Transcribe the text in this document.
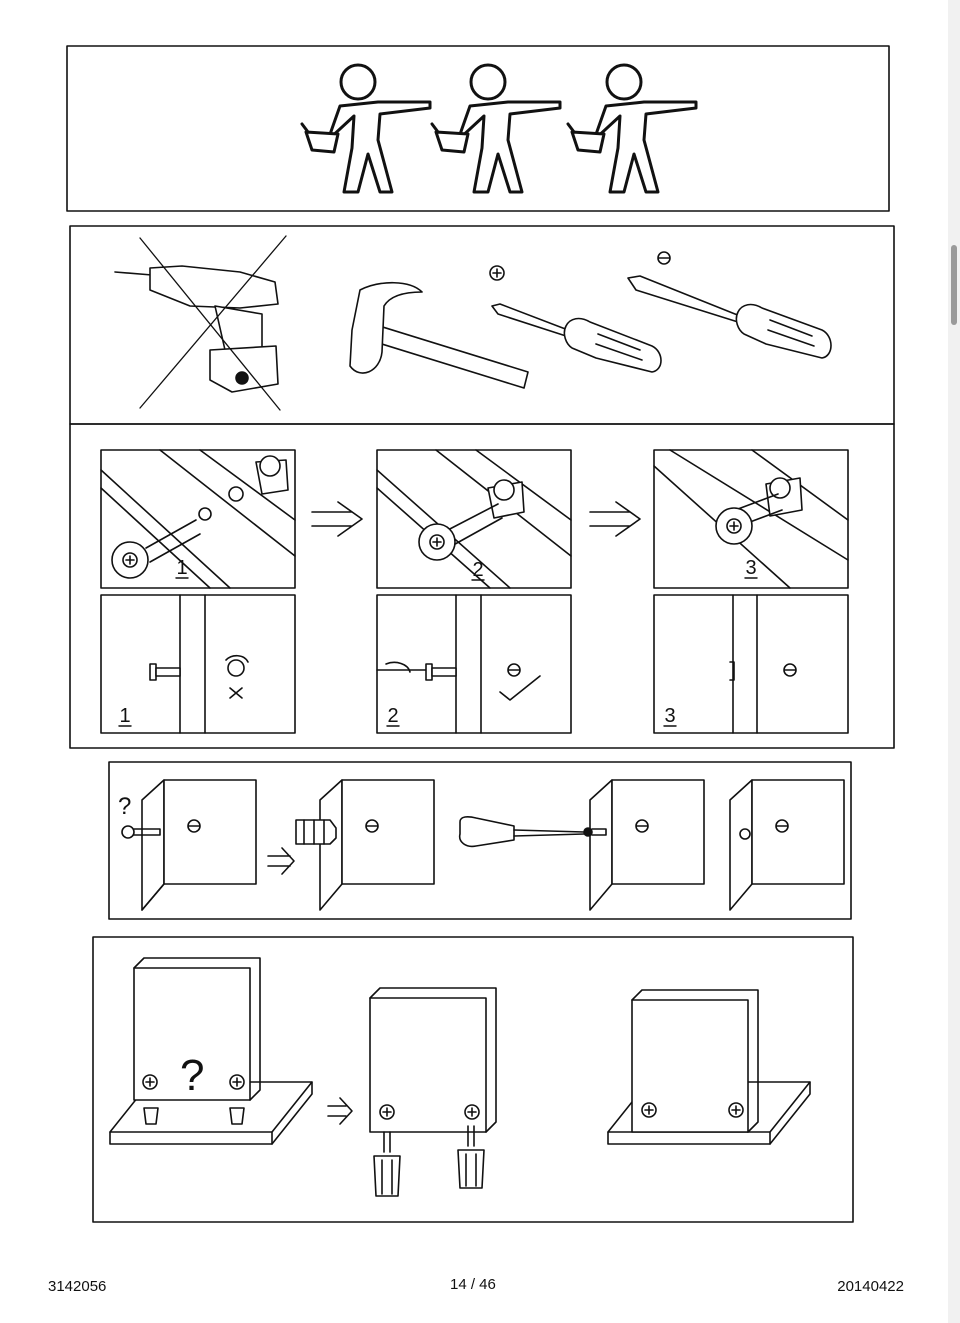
1	2	3
1	2	3
?
?
3142056	14 / 46	20140422
